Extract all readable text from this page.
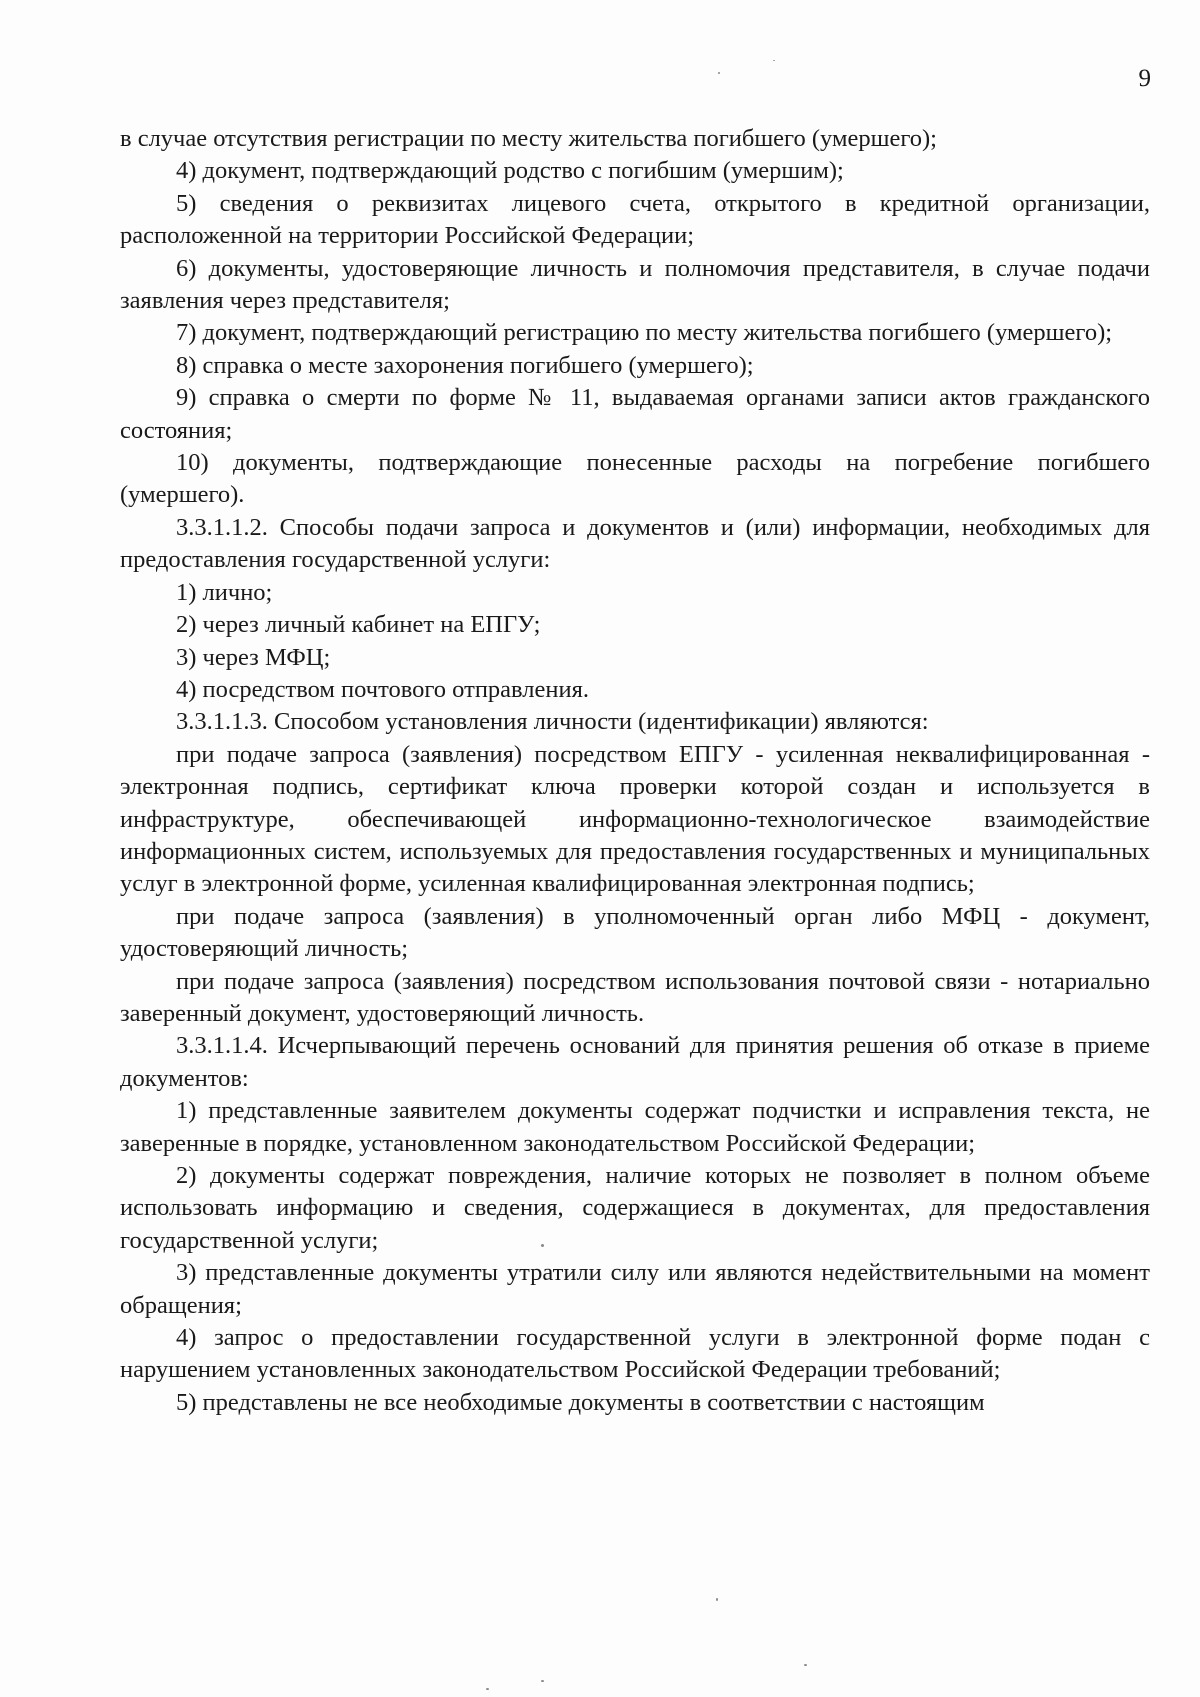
9

в случае отсутствия регистрации по месту жительства погибшего (умершего);

4) документ, подтверждающий родство с погибшим (умершим);

5) сведения о реквизитах лицевого счета, открытого в кредитной организации, расположенной на территории Российской Федерации;

6) документы, удостоверяющие личность и полномочия представителя, в случае подачи заявления через представителя;

7) документ, подтверждающий регистрацию по месту жительства погибшего (умершего);

8) справка о месте захоронения погибшего (умершего);

9) справка о смерти по форме № 11, выдаваемая органами записи актов гражданского состояния;

10) документы, подтверждающие понесенные расходы на погребение погибшего (умершего).

3.3.1.1.2. Способы подачи запроса и документов и (или) информации, необходимых для предоставления государственной услуги:

1) лично;

2) через личный кабинет на ЕПГУ;

3) через МФЦ;

4) посредством почтового отправления.

3.3.1.1.3. Способом установления личности (идентификации) являются:

при подаче запроса (заявления) посредством ЕПГУ - усиленная неквалифицированная - электронная подпись, сертификат ключа проверки которой создан и используется в инфраструктуре, обеспечивающей информационно-технологическое взаимодействие информационных систем, используемых для предоставления государственных и муниципальных услуг в электронной форме, усиленная квалифицированная электронная подпись;

при подаче запроса (заявления) в уполномоченный орган либо МФЦ - документ, удостоверяющий личность;

при подаче запроса (заявления) посредством использования почтовой связи - нотариально заверенный документ, удостоверяющий личность.

3.3.1.1.4. Исчерпывающий перечень оснований для принятия решения об отказе в приеме документов:

1) представленные заявителем документы содержат подчистки и исправления текста, не заверенные в порядке, установленном законодательством Российской Федерации;

2) документы содержат повреждения, наличие которых не позволяет в полном объеме использовать информацию и сведения, содержащиеся в документах, для предоставления государственной услуги;

3) представленные документы утратили силу или являются недействительными на момент обращения;

4) запрос о предоставлении государственной услуги в электронной форме подан с нарушением установленных законодательством Российской Федерации требований;

5) представлены не все необходимые документы в соответствии с настоящим
